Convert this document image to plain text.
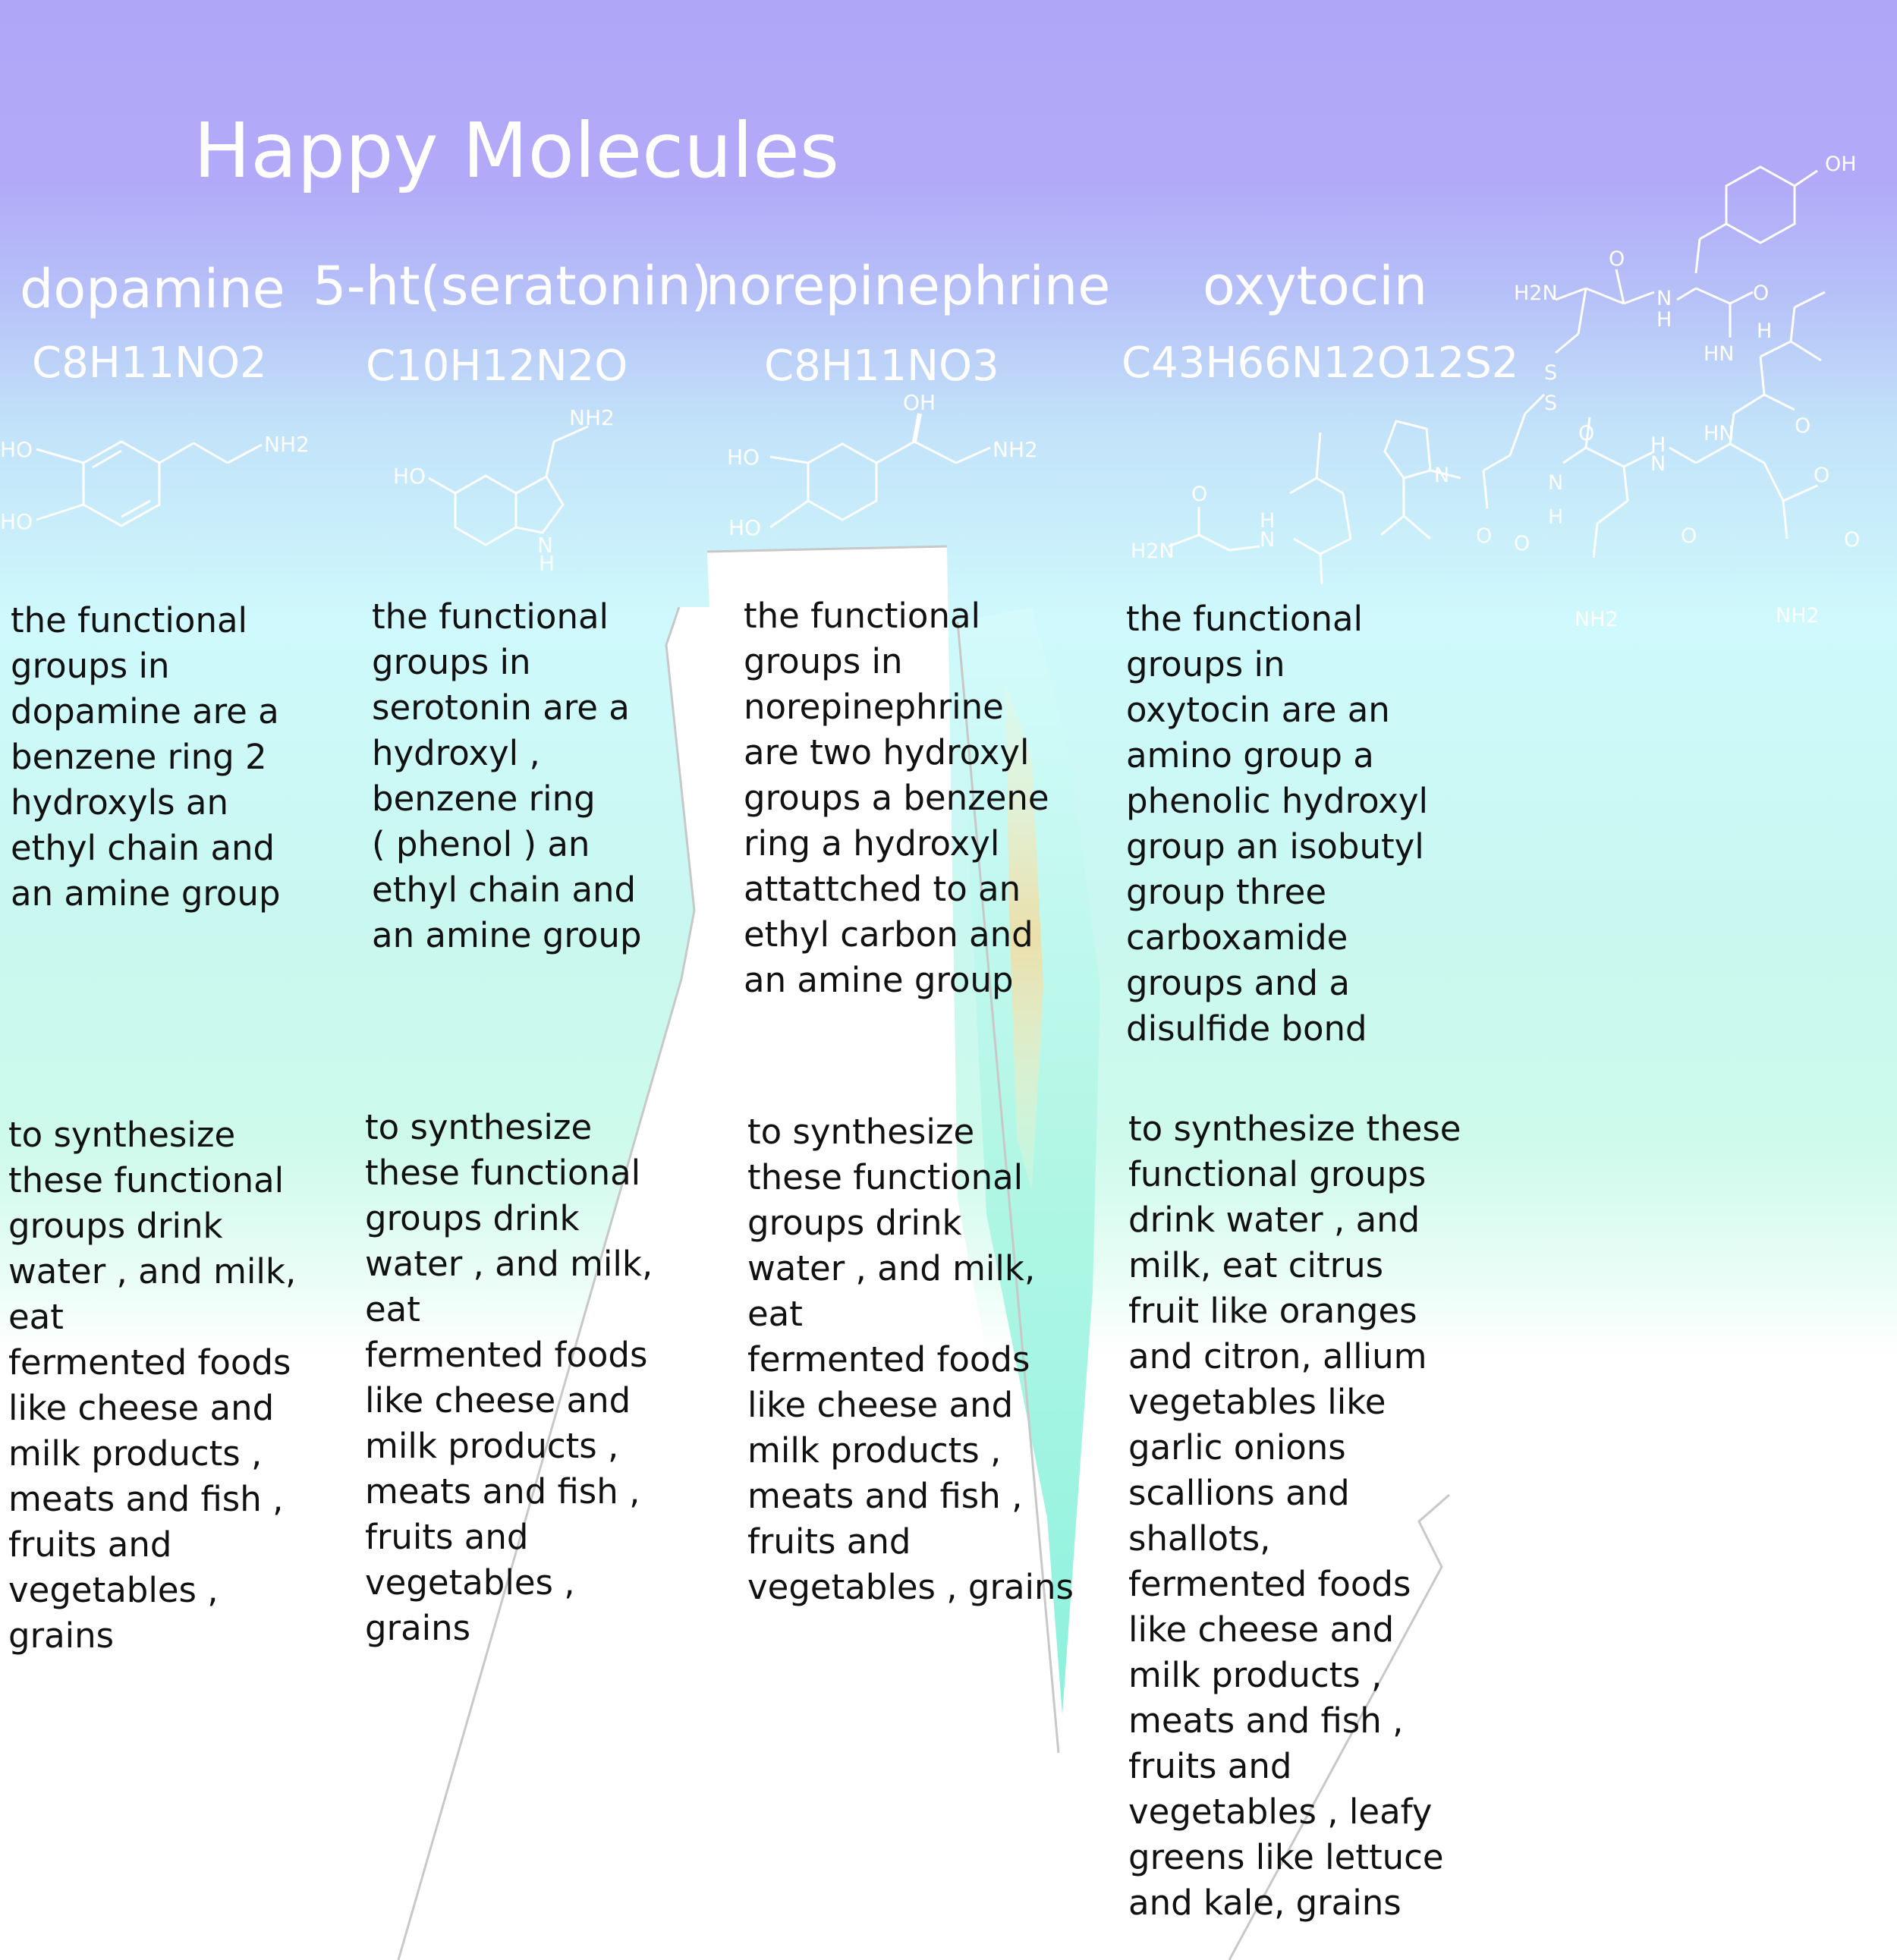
Happy Molecules
dopamine 5-ht(seratonin)
norepinephrine oxytocin
C8H11NO2 C10H12N2O	C8H11NO3	C43H66N12O12S2
HO
HO
NH2
HO
NH2
N
H
OH
HO
HO
NH2
OH
H2N
O
N
H
O
HN
H
S
S
O
HN
O
N
O
H2N
O
H
N
H
N
O
N
H
O
O
NH2
O
NH2
the functional
groups in
dopamine are a
benzene ring 2
hydroxyls an
ethyl chain and
an amine group
the functional
groups in
serotonin are a
hydroxyl ,
benzene ring
( phenol ) an
ethyl chain and
an amine group
the functional
groups in
norepinephrine
are two hydroxyl
groups a benzene
ring a hydroxyl
attattched to an
ethyl carbon and
an amine group
the functional
groups in
oxytocin are an
amino group a
phenolic hydroxyl
group an isobutyl
group three
carboxamide
groups and a
disulfide bond
to synthesize
these functional
groups drink
water , and milk,
eat
fermented foods
like cheese and
milk products ,
meats and fish ,
fruits and
vegetables ,
grains
to synthesize
these functional
groups drink
water , and milk,
eat
fermented foods
like cheese and
milk products ,
meats and fish ,
fruits and
vegetables ,
grains
to synthesize
these functional
groups drink
water , and milk,
eat
fermented foods
like cheese and
milk products ,
meats and fish ,
fruits and
vegetables , grains
to synthesize these
functional groups
drink water , and
milk, eat citrus
fruit like oranges
and citron, allium
vegetables like
garlic onions
scallions and
shallots,
fermented foods
like cheese and
milk products ,
meats and fish ,
fruits and
vegetables , leafy
greens like lettuce
and kale, grains
